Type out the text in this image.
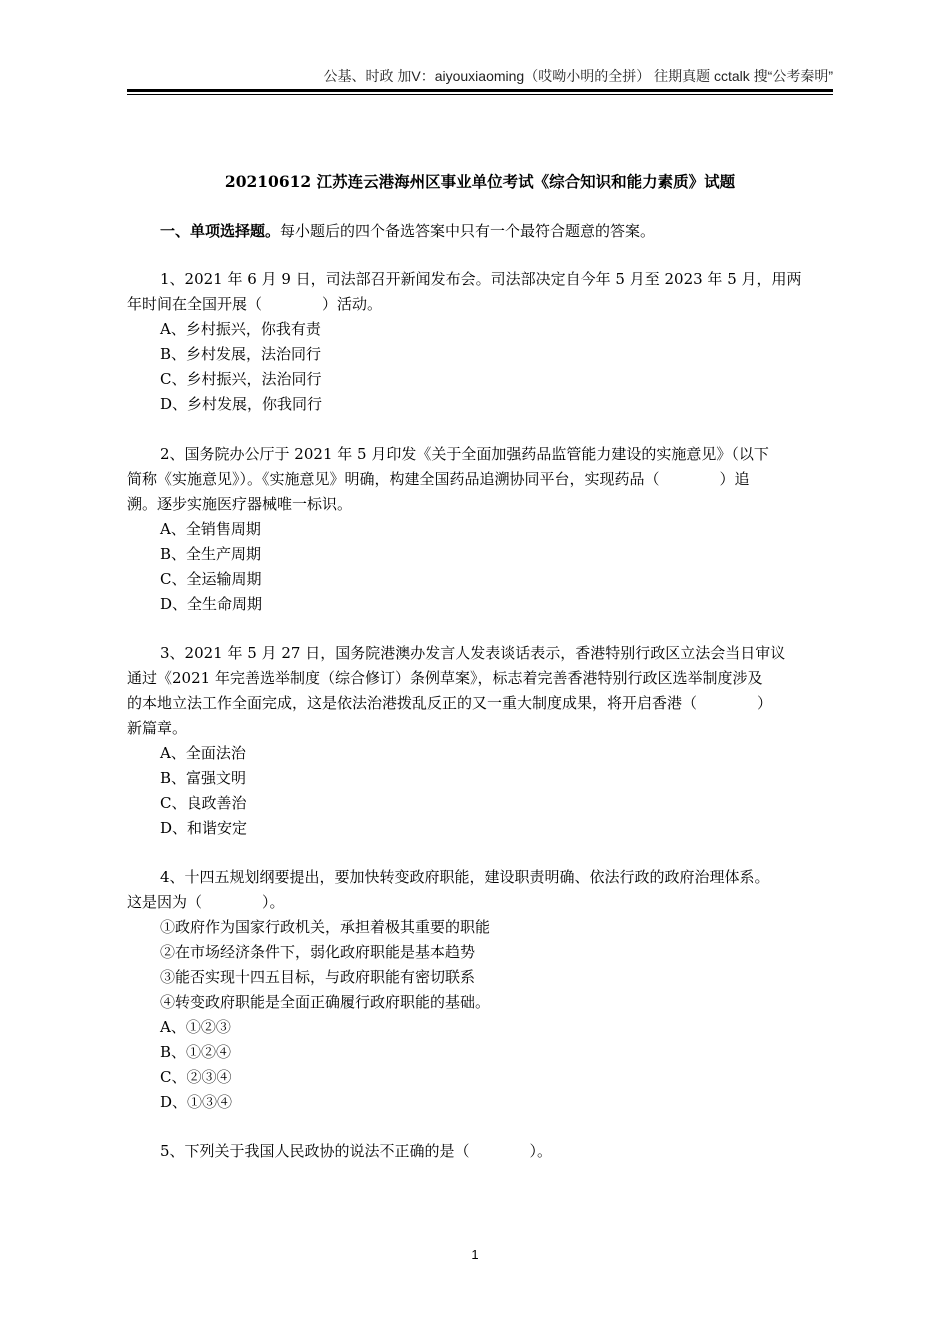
公基、时政 加V：aiyouxiaoming（哎呦小明的全拼） 往期真题 cctalk 搜“公考秦明”
20210612 江苏连云港海州区事业单位考试《综合知识和能力素质》试题
一、单项选择题。每小题后的四个备选答案中只有一个最符合题意的答案。
1、2021 年 6 月 9 日，司法部召开新闻发布会。司法部决定自今年 5 月至 2023 年 5 月，用两
年时间在全国开展（　　　　）活动。
A、乡村振兴，你我有责
B、乡村发展，法治同行
C、乡村振兴，法治同行
D、乡村发展，你我同行
2、国务院办公厅于 2021 年 5 月印发《关于全面加强药品监管能力建设的实施意见》（以下
简称《实施意见》）。《实施意见》明确，构建全国药品追溯协同平台，实现药品（　　　　）追
溯。逐步实施医疗器械唯一标识。
A、全销售周期
B、全生产周期
C、全运输周期
D、全生命周期
3、2021 年 5 月 27 日，国务院港澳办发言人发表谈话表示，香港特别行政区立法会当日审议
通过《2021 年完善选举制度（综合修订）条例草案》，标志着完善香港特别行政区选举制度涉及
的本地立法工作全面完成，这是依法治港拨乱反正的又一重大制度成果，将开启香港（　　　　）
新篇章。
A、全面法治
B、富强文明
C、良政善治
D、和谐安定
4、十四五规划纲要提出，要加快转变政府职能，建设职责明确、依法行政的政府治理体系。
这是因为（　　　　）。
①政府作为国家行政机关，承担着极其重要的职能
②在市场经济条件下，弱化政府职能是基本趋势
③能否实现十四五目标，与政府职能有密切联系
④转变政府职能是全面正确履行政府职能的基础。
A、①②③
B、①②④
C、②③④
D、①③④
5、下列关于我国人民政协的说法不正确的是（　　　　）。
1
